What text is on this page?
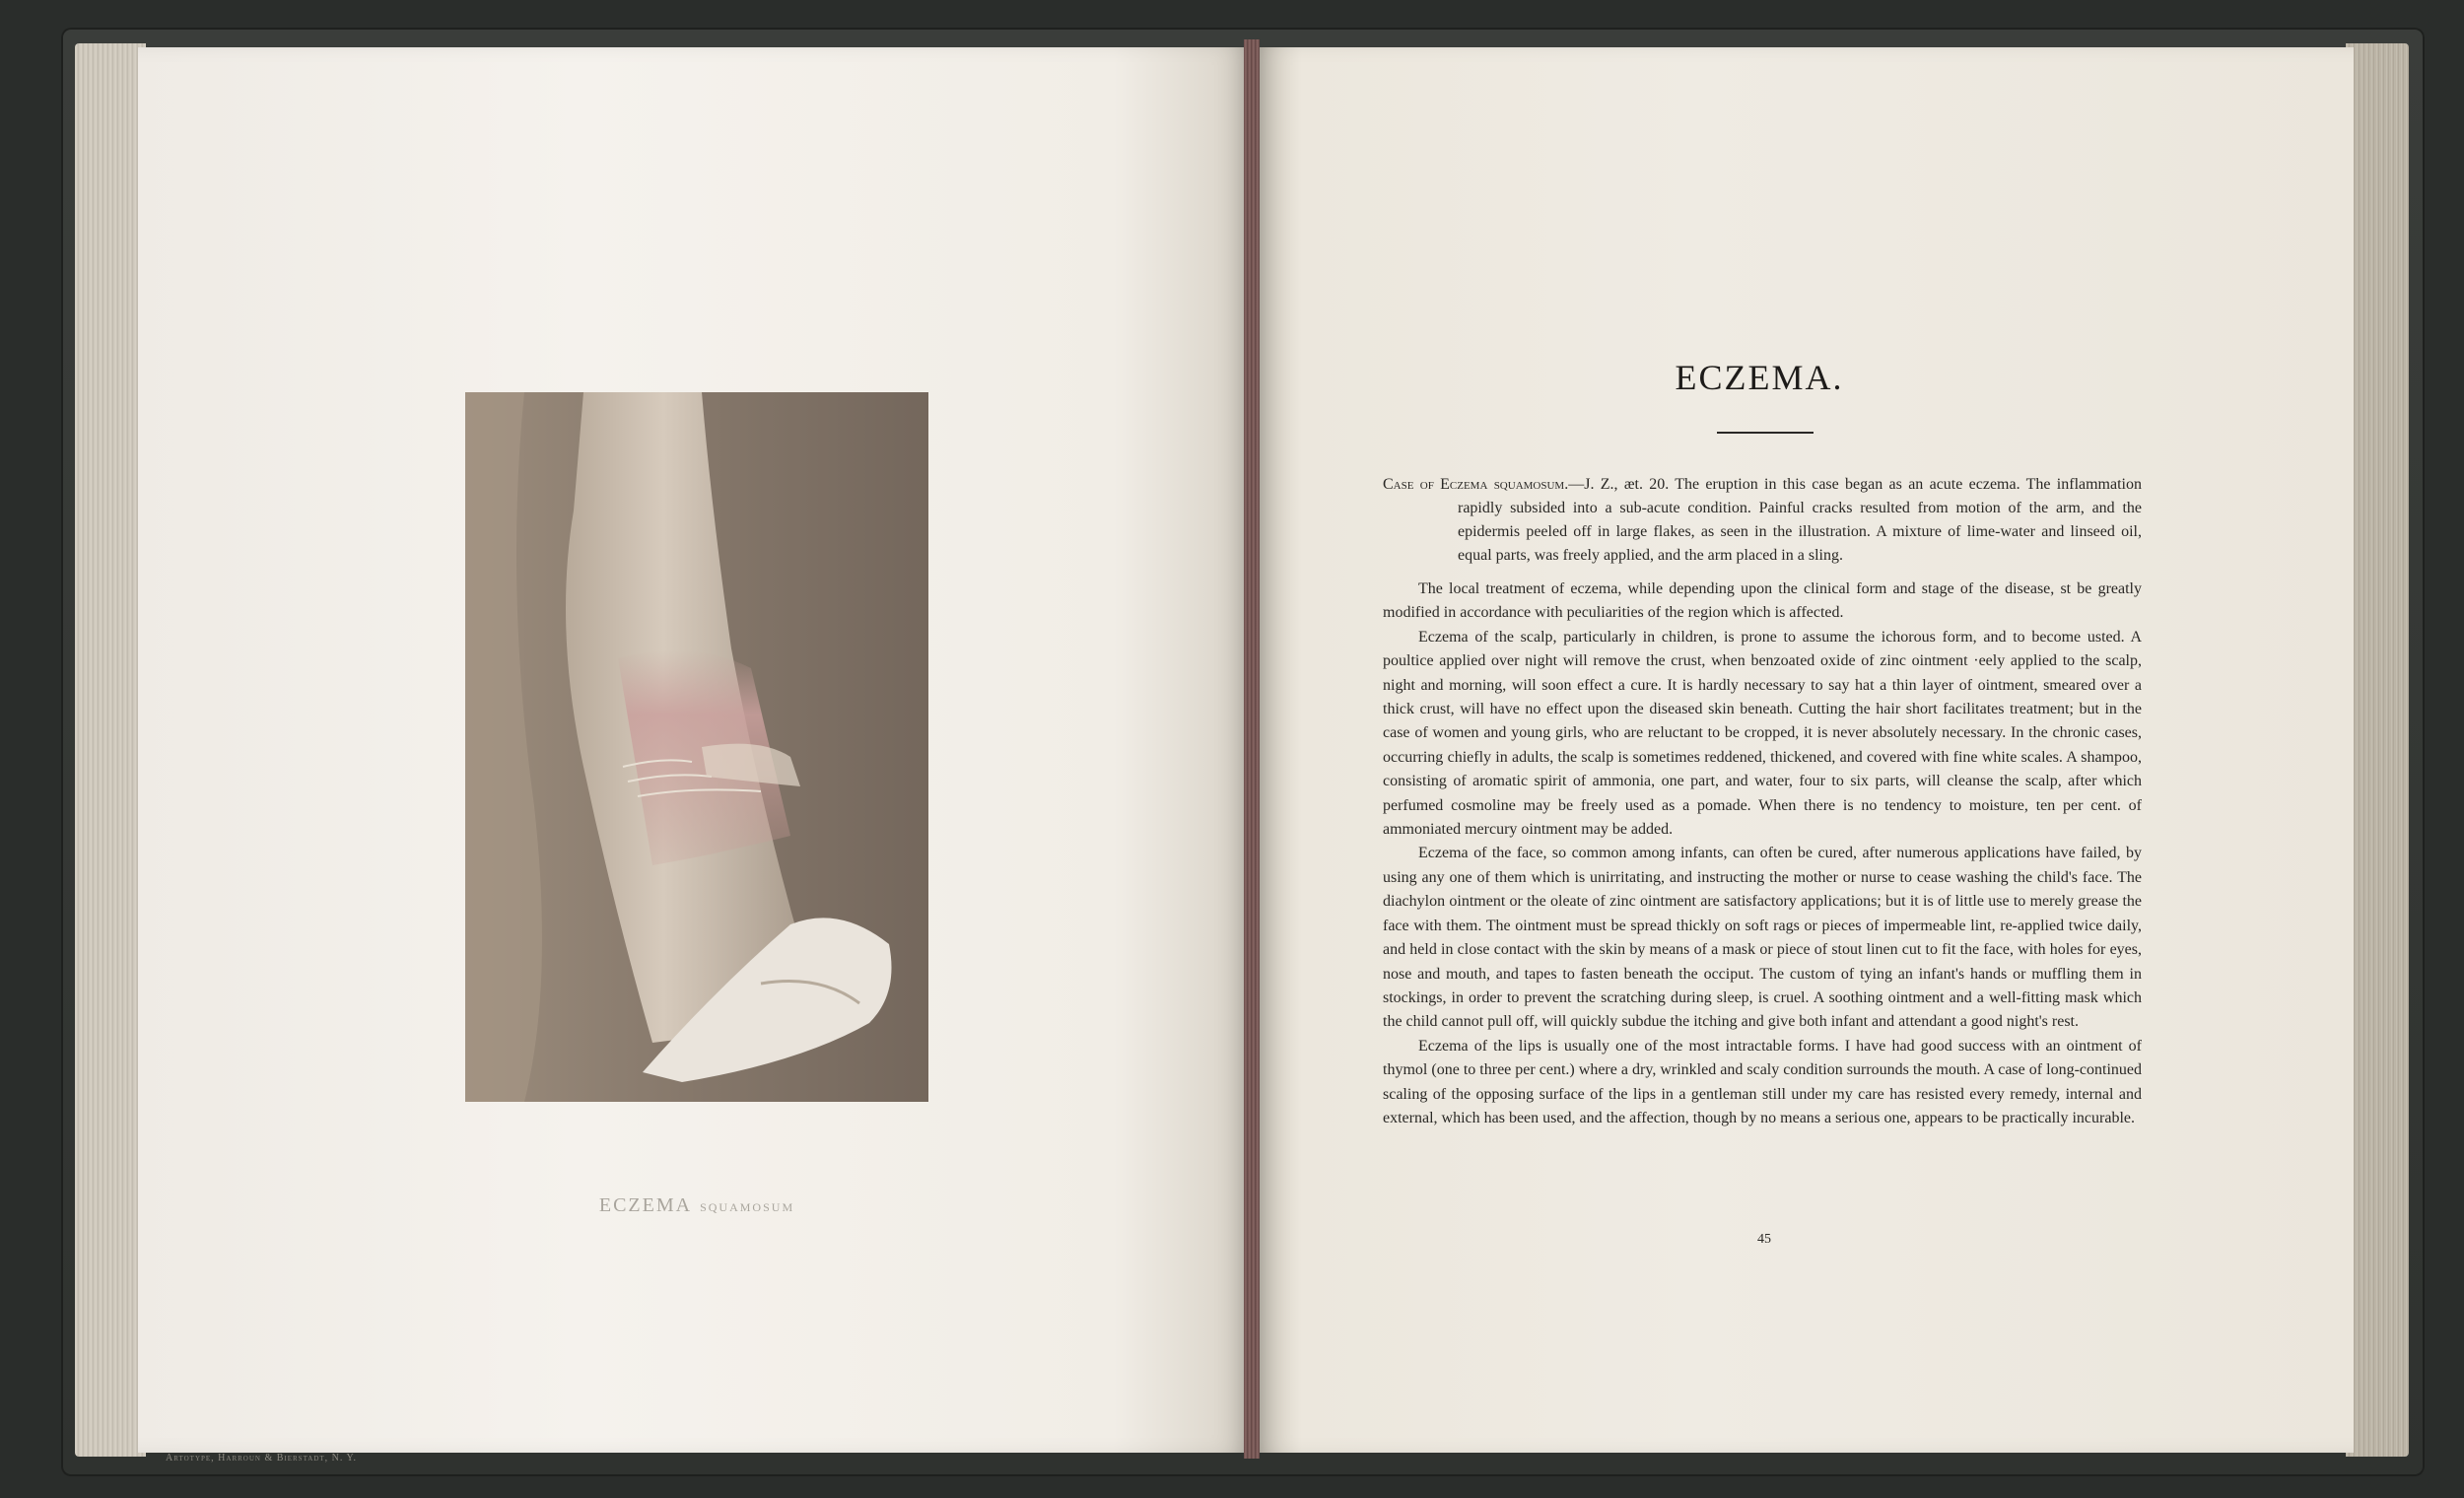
ECZEMA SQUAMOSUM
Artotype, Harroun & Bierstadt, N. Y.
ECZEMA.

Case of Eczema squamosum.—J. Z., æt. 20. The eruption in this case began as an acute eczema. The inflammation rapidly subsided into a sub-acute condition. Painful cracks resulted from motion of the arm, and the epidermis peeled off in large flakes, as seen in the illustration. A mixture of lime-water and linseed oil, equal parts, was freely applied, and the arm placed in a sling.

The local treatment of eczema, while depending upon the clinical form and stage of the disease, st be greatly modified in accordance with peculiarities of the region which is affected.

Eczema of the scalp, particularly in children, is prone to assume the ichorous form, and to become usted. A poultice applied over night will remove the crust, when benzoated oxide of zinc ointment ·eely applied to the scalp, night and morning, will soon effect a cure. It is hardly necessary to say hat a thin layer of ointment, smeared over a thick crust, will have no effect upon the diseased skin beneath. Cutting the hair short facilitates treatment; but in the case of women and young girls, who are reluctant to be cropped, it is never absolutely necessary. In the chronic cases, occurring chiefly in adults, the scalp is sometimes reddened, thickened, and covered with fine white scales. A shampoo, consisting of aromatic spirit of ammonia, one part, and water, four to six parts, will cleanse the scalp, after which perfumed cosmoline may be freely used as a pomade. When there is no tendency to moisture, ten per cent. of ammoniated mercury ointment may be added.

Eczema of the face, so common among infants, can often be cured, after numerous applications have failed, by using any one of them which is unirritating, and instructing the mother or nurse to cease washing the child's face. The diachylon ointment or the oleate of zinc ointment are satisfactory applications; but it is of little use to merely grease the face with them. The ointment must be spread thickly on soft rags or pieces of impermeable lint, re-applied twice daily, and held in close contact with the skin by means of a mask or piece of stout linen cut to fit the face, with holes for eyes, nose and mouth, and tapes to fasten beneath the occiput. The custom of tying an infant's hands or muffling them in stockings, in order to prevent the scratching during sleep, is cruel. A soothing ointment and a well-fitting mask which the child cannot pull off, will quickly subdue the itching and give both infant and attendant a good night's rest.

Eczema of the lips is usually one of the most intractable forms. I have had good success with an ointment of thymol (one to three per cent.) where a dry, wrinkled and scaly condition surrounds the mouth. A case of long-continued scaling of the opposing surface of the lips in a gentleman still under my care has resisted every remedy, internal and external, which has been used, and the affection, though by no means a serious one, appears to be practically incurable.

45
